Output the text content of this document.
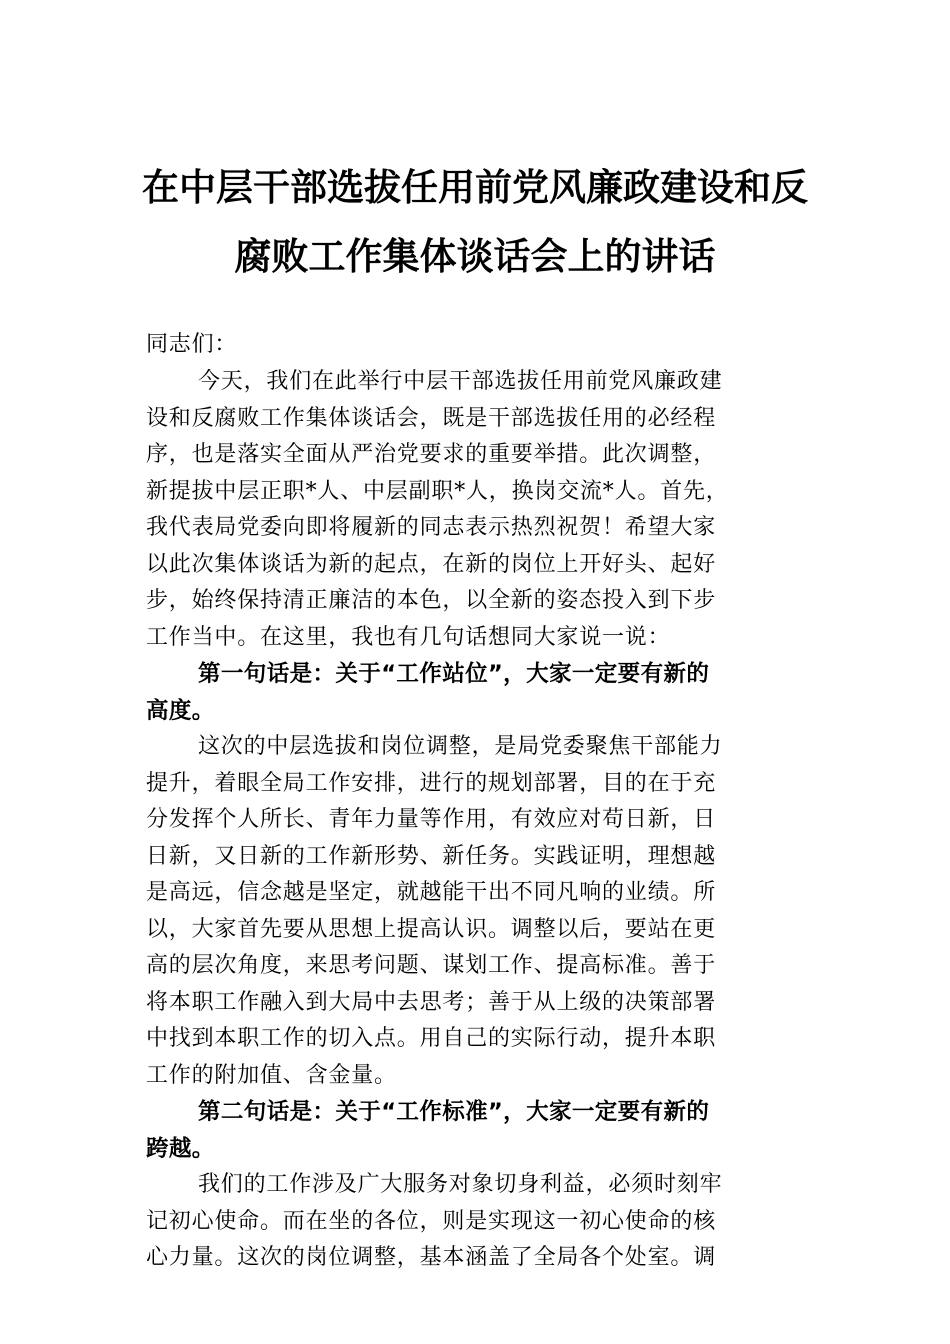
在中层干部选拔任用前党风廉政建设和反
腐败工作集体谈话会上的讲话
同志们：
今天，我们在此举行中层干部选拔任用前党风廉政建
设和反腐败工作集体谈话会，既是干部选拔任用的必经程
序，也是落实全面从严治党要求的重要举措。此次调整，
新提拔中层正职*人、中层副职*人，换岗交流*人。首先，
我代表局党委向即将履新的同志表示热烈祝贺！希望大家
以此次集体谈话为新的起点，在新的岗位上开好头、起好
步，始终保持清正廉洁的本色，以全新的姿态投入到下步
工作当中。在这里，我也有几句话想同大家说一说：
第一句话是：关于“工作站位”，大家一定要有新的
高度。
这次的中层选拔和岗位调整，是局党委聚焦干部能力
提升，着眼全局工作安排，进行的规划部署，目的在于充
分发挥个人所长、青年力量等作用，有效应对苟日新，日
日新，又日新的工作新形势、新任务。实践证明，理想越
是高远，信念越是坚定，就越能干出不同凡响的业绩。所
以，大家首先要从思想上提高认识。调整以后，要站在更
高的层次角度，来思考问题、谋划工作、提高标准。善于
将本职工作融入到大局中去思考；善于从上级的决策部署
中找到本职工作的切入点。用自己的实际行动，提升本职
工作的附加值、含金量。
第二句话是：关于“工作标准”，大家一定要有新的
跨越。
我们的工作涉及广大服务对象切身利益，必须时刻牢
记初心使命。而在坐的各位，则是实现这一初心使命的核
心力量。这次的岗位调整，基本涵盖了全局各个处室。调
